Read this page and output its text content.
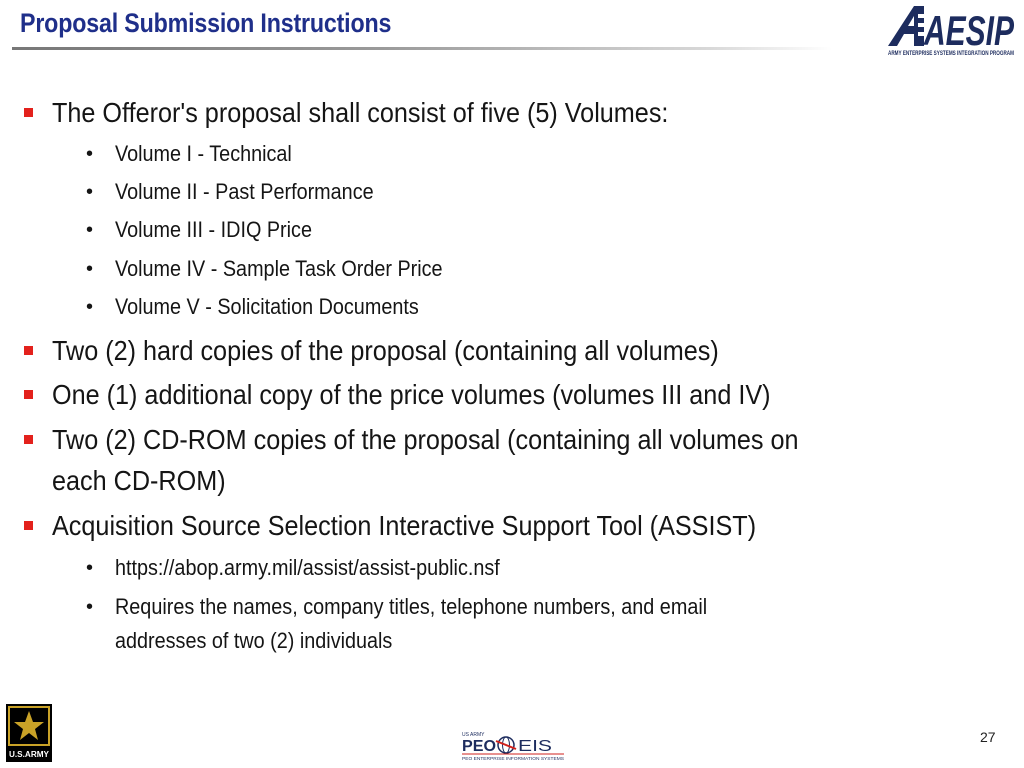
Proposal Submission Instructions	AESIP
ARMY ENTERPRISE SYSTEMS INTEGRATION PROGRAM
The Offeror's proposal shall consist of five (5) Volumes:
• Volume I - Technical
• Volume II - Past Performance
• Volume III - IDIQ Price
• Volume IV - Sample Task Order Price
• Volume V - Solicitation Documents
Two (2) hard copies of the proposal (containing all volumes)
One (1) additional copy of the price volumes (volumes III and IV)
Two (2) CD-ROM copies of the proposal (containing all volumes on
each CD-ROM)
Acquisition Source Selection Interactive Support Tool (ASSIST)
• https://abop.army.mil/assist/assist-public.nsf
• Requires the names, company titles, telephone numbers, and email
addresses of two (2) individuals
U.S.ARMY
US ARMY
PEO EIS
PEO ENTERPRISE INFORMATION SYSTEMS
27
